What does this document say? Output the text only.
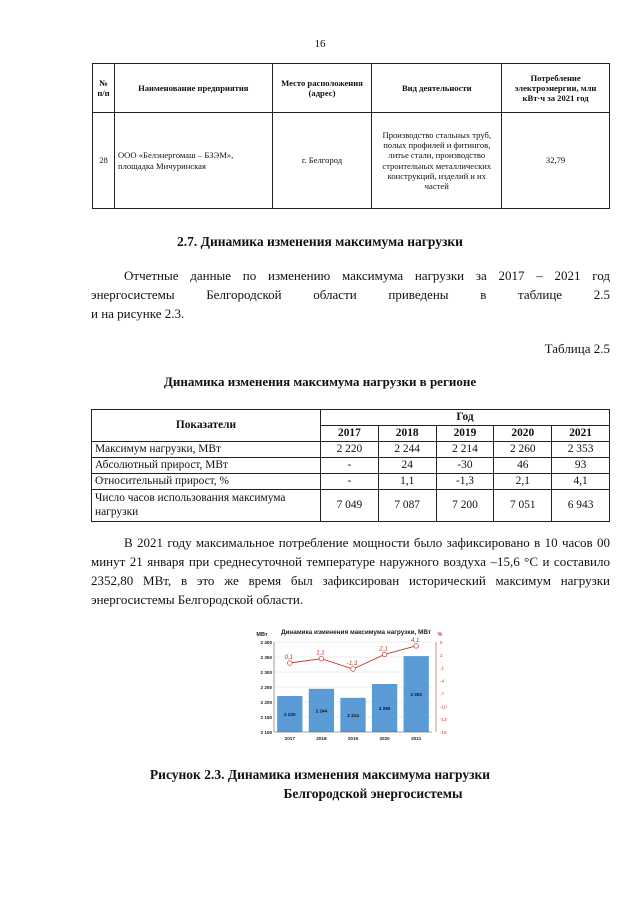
16
№ п/п	Наименование предприятия	Место расположения (адрес)	Вид деятельности	Потребление электроэнергии, млн кВт·ч за 2021 год
28	ООО «Белэнергомаш – БЗЭМ», площадка Мичуринская	г. Белгород	Производство стальных труб, полых профилей и фитингов, литье стали, производство строительных металлических конструкций, изделий и их частей	32,79
2.7. Динамика изменения максимума нагрузки
Отчетные данные по изменению максимума нагрузки за 2017 – 2021 год энергосистемы Белгородской области приведены в таблице 2.5
и на рисунке 2.3.
Таблица 2.5
Динамика изменения максимума нагрузки в регионе
Показатели	Год				
	2017	2018	2019	2020	2021
Максимум нагрузки, МВт	2 220	2 244	2 214	2 260	2 353
Абсолютный прирост, МВт	-	24	-30	46	93
Относительный прирост, %	-	1,1	-1,3	2,1	4,1
Число часов использования максимума нагрузки	7 049	7 087	7 200	7 051	6 943
В 2021 году максимальное потребление мощности было зафиксировано в 10 часов 00 минут 21 января при среднесуточной температуре наружного воздуха –15,6 °С и составило 2352,80 МВт, в это же время был зафиксирован исторический максимум нагрузки энергосистемы Белгородской области.
Динамика изменения максимума нагрузки, МВт
МВт	%
2 220
2 244
2 214
2 260
2 353
0,1
1,1
-1,3
2,1
4,1
2 100
2 150
2 200
2 250
2 300
2 350
2 400	5
2
-1
-4
-7
-10
-13
-16
2017	2018	2019	2020	2021
Рисунок 2.3. Динамика изменения максимума нагрузки
Белгородской энергосистемы
